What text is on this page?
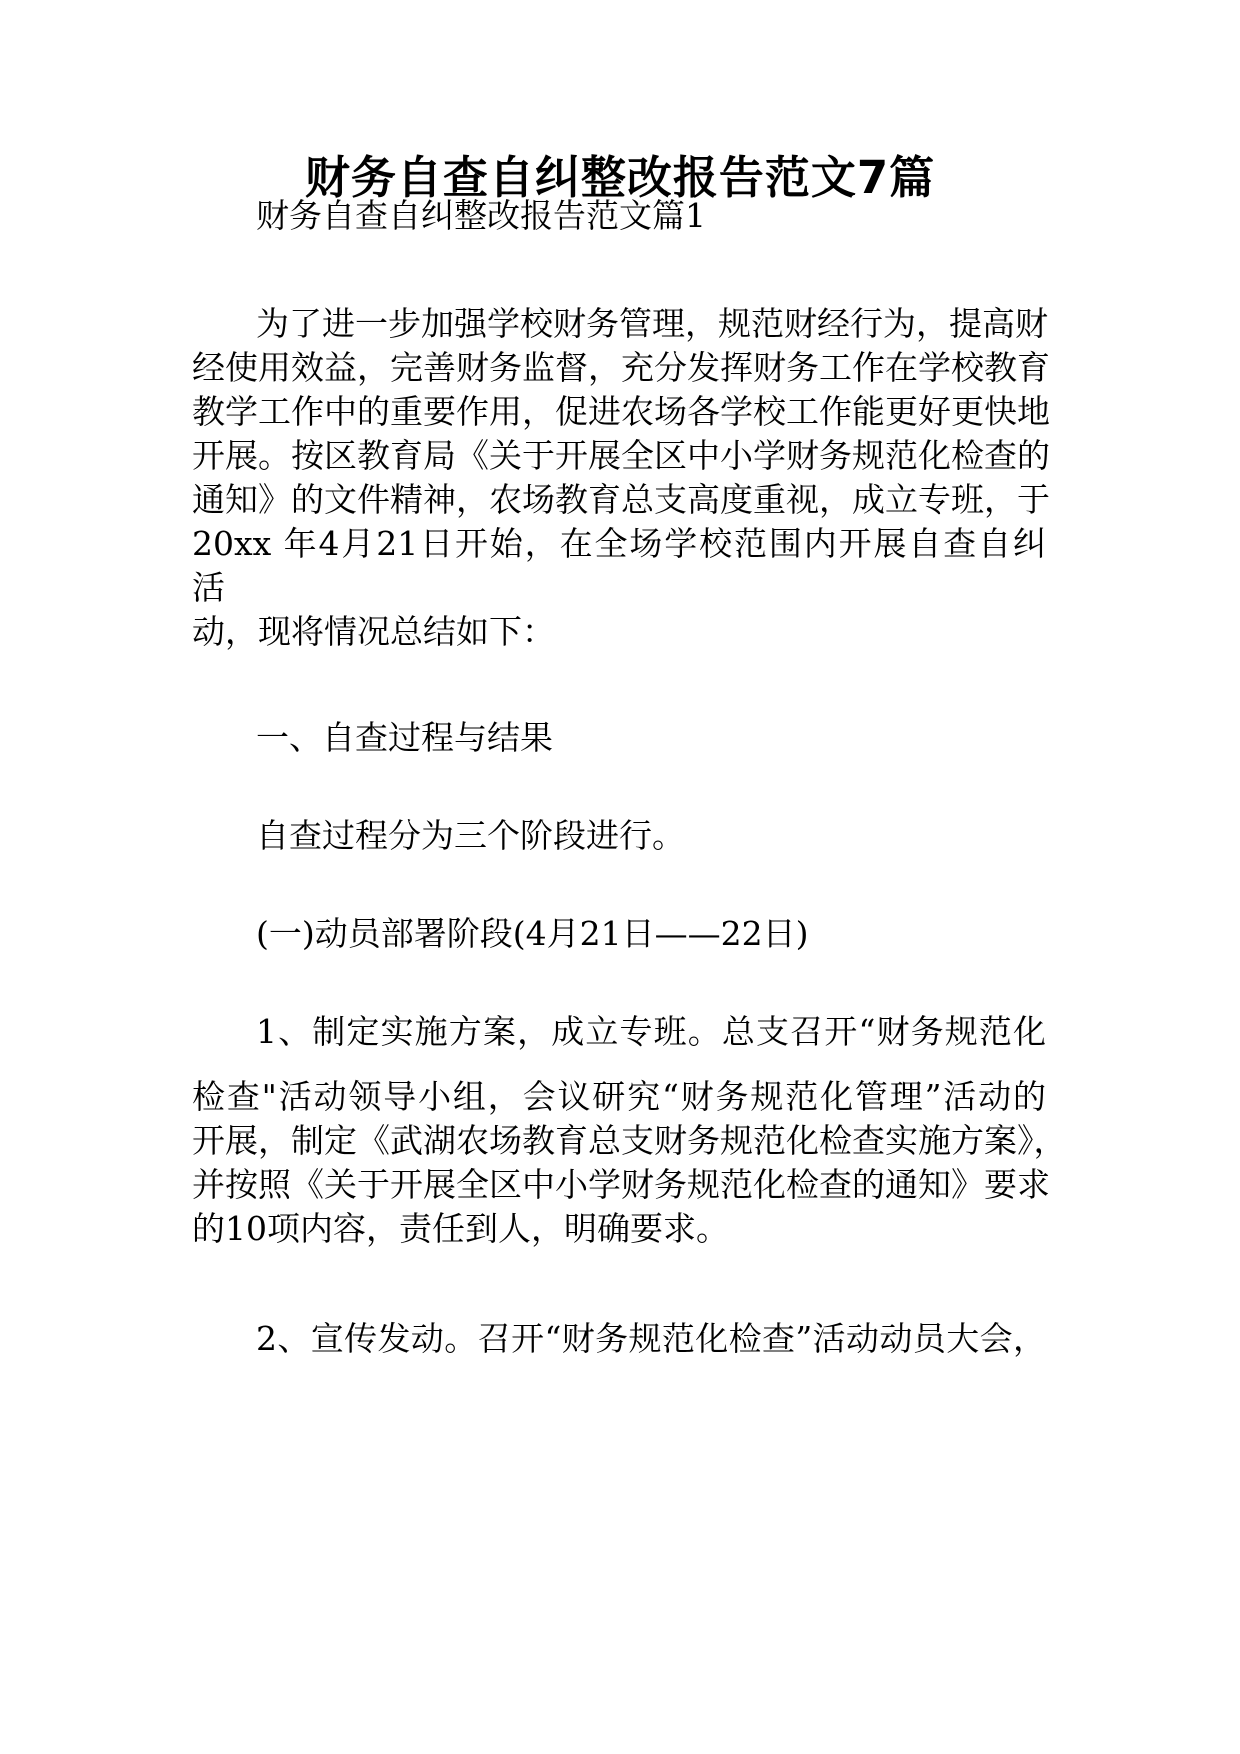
财务自查自纠整改报告范文7篇

财务自查自纠整改报告范文篇1

为了进一步加强学校财务管理，规范财经行为，提高财

经使用效益，完善财务监督，充分发挥财务工作在学校教育

教学工作中的重要作用，促进农场各学校工作能更好更快地

开展。按区教育局《关于开展全区中小学财务规范化检查的

通知》的文件精神，农场教育总支高度重视，成立专班，于

20xx 年4月21日开始，在全场学校范围内开展自查自纠

活

动，现将情况总结如下：

一、自查过程与结果

自查过程分为三个阶段进行。

(一)动员部署阶段(4月21日——22日)

1、制定实施方案，成立专班。总支召开“财务规范化

检查"活动领导小组，会议研究“财务规范化管理”活动的

开展，制定《武湖农场教育总支财务规范化检查实施方案》，

并按照《关于开展全区中小学财务规范化检查的通知》要求

的10项内容，责任到人，明确要求。

2、宣传发动。召开“财务规范化检查”活动动员大会，
